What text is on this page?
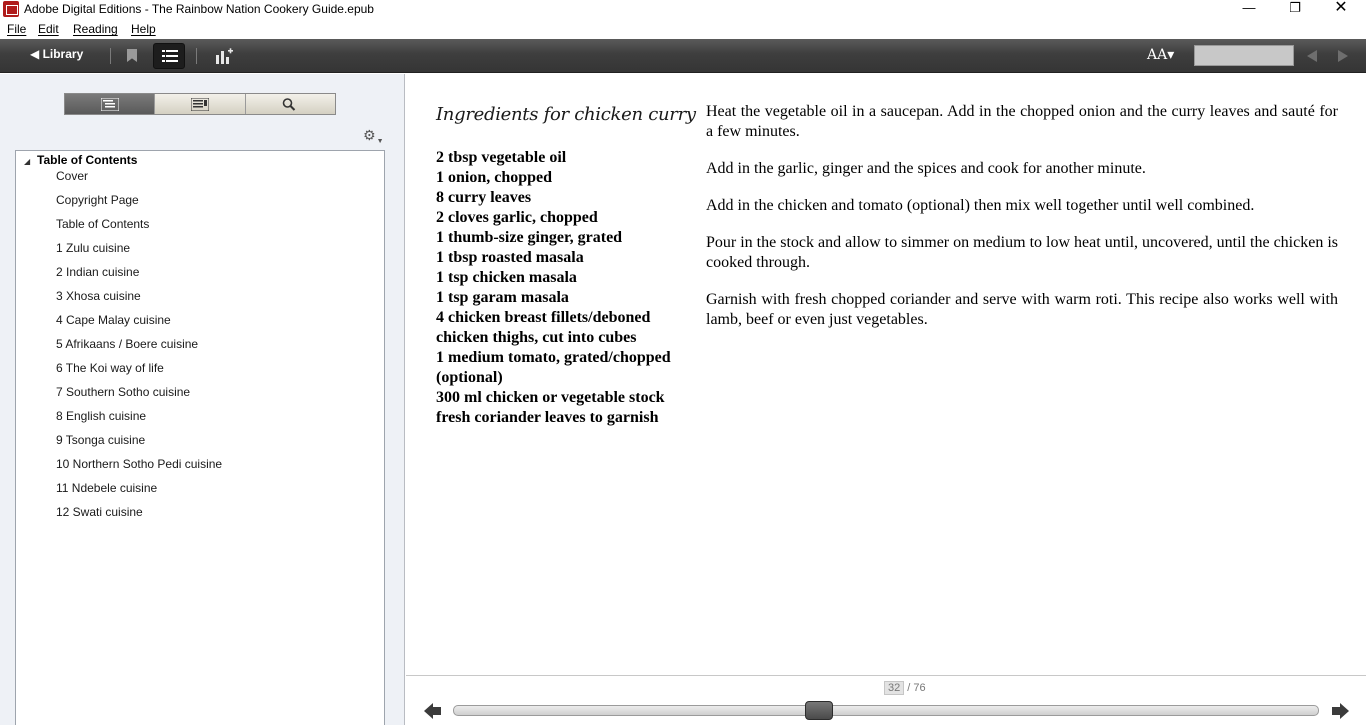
Adobe Digital Editions - The Rainbow Nation Cookery Guide.epub	—	❐	✕
File Edit Reading Help
◀ Library	AA▾
$⚙_▼$
◢ Table of Contents
Cover
Copyright Page
Table of Contents
1 Zulu cuisine
2 Indian cuisine
3 Xhosa cuisine
4 Cape Malay cuisine
5 Afrikaans / Boere cuisine
6 The Koi way of life
7 Southern Sotho cuisine
8 English cuisine
9 Tsonga cuisine
10 Northern Sotho Pedi cuisine
11 Ndebele cuisine
12 Swati cuisine
Ingredients for chicken curry
2 tbsp vegetable oil
1 onion, chopped
8 curry leaves
2 cloves garlic, chopped
1 thumb-size ginger, grated
1 tbsp roasted masala
1 tsp chicken masala
1 tsp garam masala
4 chicken breast fillets/deboned chicken thighs, cut into cubes
1 medium tomato, grated/chopped (optional)
300 ml chicken or vegetable stock
fresh coriander leaves to garnish

Heat the vegetable oil in a saucepan. Add in the chopped onion and the curry leaves and sauté for a few minutes.

Add in the garlic, ginger and the spices and cook for another minute.

Add in the chicken and tomato (optional) then mix well together until well combined.

Pour in the stock and allow to simmer on medium to low heat until, uncovered, until the chicken is cooked through.

Garnish with fresh chopped coriander and serve with warm roti. This recipe also works well with lamb, beef or even just vegetables.

32 / 76
